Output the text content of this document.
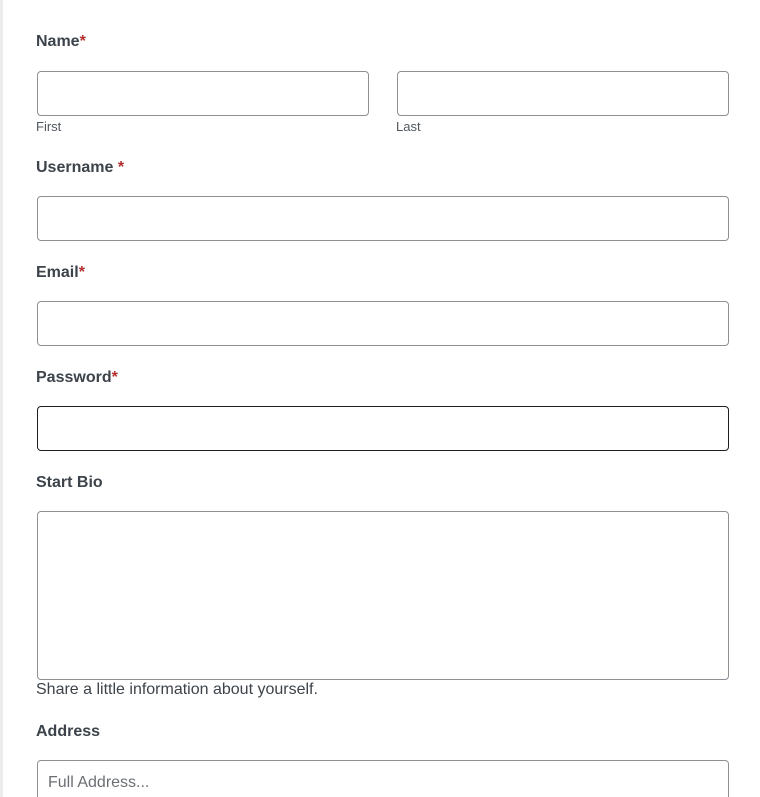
Name*
First	Last
Username *
Email*
Password*
Start Bio
Share a little information about yourself.
Address
Full Address...
